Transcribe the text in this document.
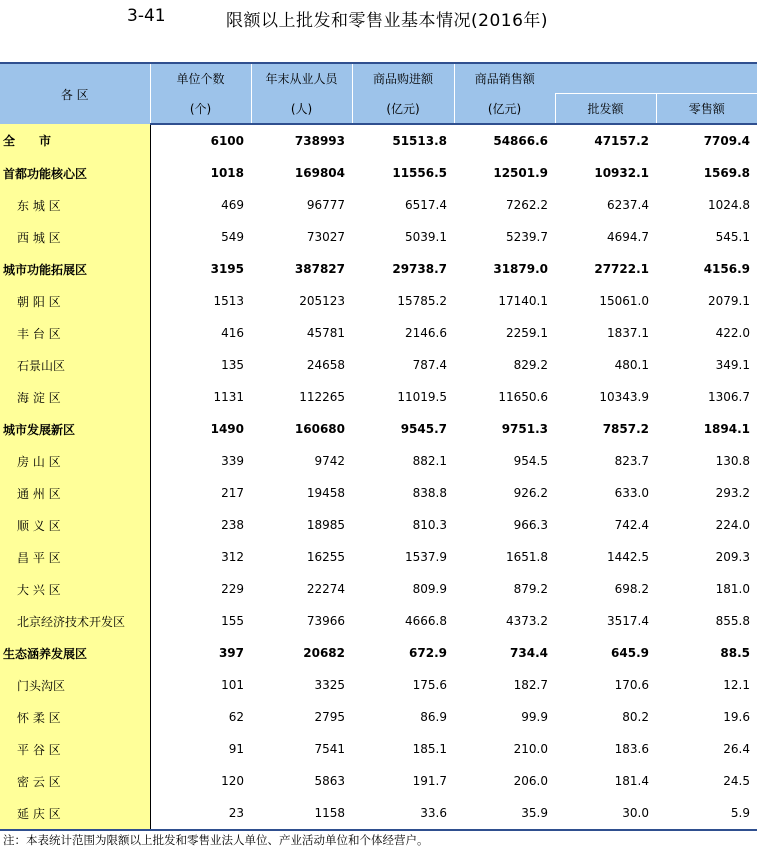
3-41	限额以上批发和零售业基本情况(2016年)
各 区	单位个数	年末从业人员	商品购进额	商品销售额		
	(个)	(人)	(亿元)	(亿元)	批发额	零售额
全　　市	6100	738993	51513.8	54866.6	47157.2	7709.4
首都功能核心区	1018	169804	11556.5	12501.9	10932.1	1569.8
东 城 区	469	96777	6517.4	7262.2	6237.4	1024.8
西 城 区	549	73027	5039.1	5239.7	4694.7	545.1
城市功能拓展区	3195	387827	29738.7	31879.0	27722.1	4156.9
朝 阳 区	1513	205123	15785.2	17140.1	15061.0	2079.1
丰 台 区	416	45781	2146.6	2259.1	1837.1	422.0
石景山区	135	24658	787.4	829.2	480.1	349.1
海 淀 区	1131	112265	11019.5	11650.6	10343.9	1306.7
城市发展新区	1490	160680	9545.7	9751.3	7857.2	1894.1
房 山 区	339	9742	882.1	954.5	823.7	130.8
通 州 区	217	19458	838.8	926.2	633.0	293.2
顺 义 区	238	18985	810.3	966.3	742.4	224.0
昌 平 区	312	16255	1537.9	1651.8	1442.5	209.3
大 兴 区	229	22274	809.9	879.2	698.2	181.0
北京经济技术开发区	155	73966	4666.8	4373.2	3517.4	855.8
生态涵养发展区	397	20682	672.9	734.4	645.9	88.5
门头沟区	101	3325	175.6	182.7	170.6	12.1
怀 柔 区	62	2795	86.9	99.9	80.2	19.6
平 谷 区	91	7541	185.1	210.0	183.6	26.4
密 云 区	120	5863	191.7	206.0	181.4	24.5
延 庆 区	23	1158	33.6	35.9	30.0	5.9
注：本表统计范围为限额以上批发和零售业法人单位、产业活动单位和个体经营户。
